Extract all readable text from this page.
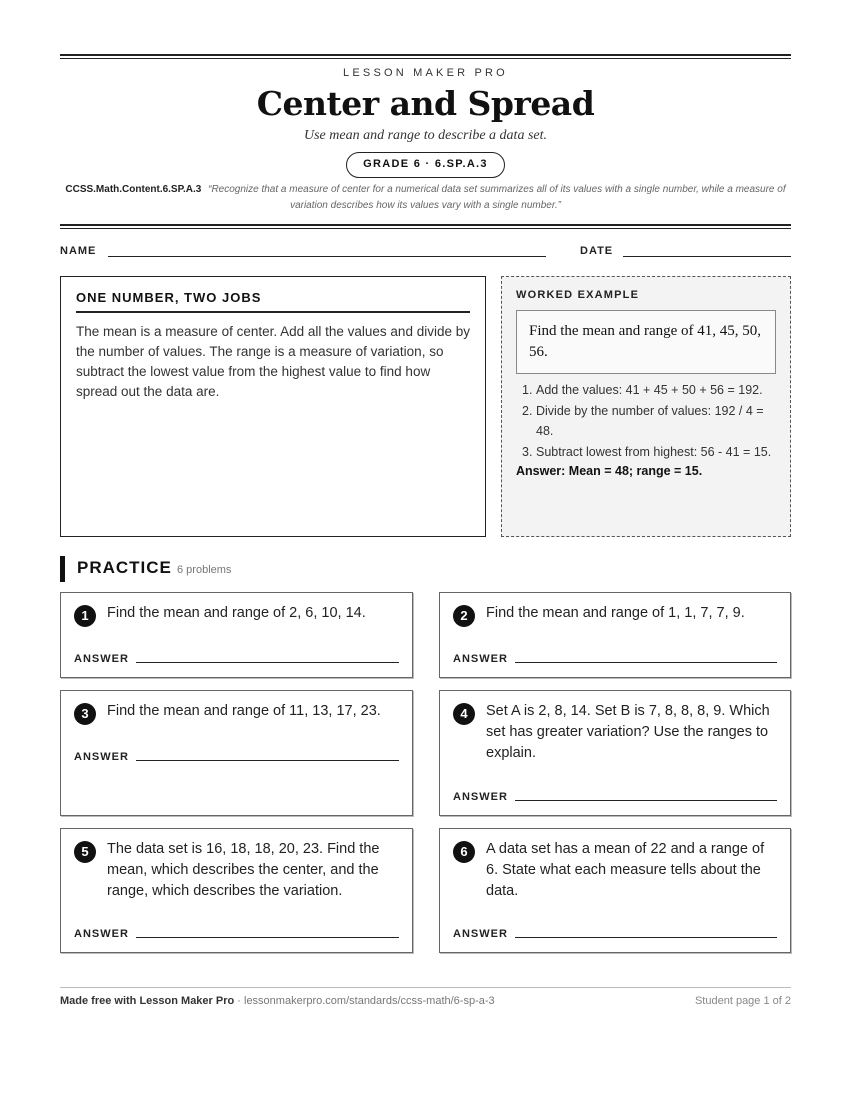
LESSON MAKER PRO
Center and Spread
Use mean and range to describe a data set.
GRADE 6 · 6.SP.A.3
CCSS.Math.Content.6.SP.A.3 “Recognize that a measure of center for a numerical data set summarizes all of its values with a single number, while a measure of variation describes how its values vary with a single number.”
NAME	DATE
ONE NUMBER, TWO JOBS
The mean is a measure of center. Add all the values and divide by the number of values. The range is a measure of variation, so subtract the lowest value from the highest value to find how spread out the data are.
WORKED EXAMPLE
Find the mean and range of 41, 45, 50, 56.
1. Add the values: 41 + 45 + 50 + 56 = 192.
2. Divide by the number of values: 192 / 4 = 48.
3. Subtract lowest from highest: 56 - 41 = 15.
Answer: Mean = 48; range = 15.
PRACTICE 6 problems
1	Find the mean and range of 2, 6, 10, 14.
ANSWER
2	Find the mean and range of 1, 1, 7, 7, 9.
ANSWER
3	Find the mean and range of 11, 13, 17, 23.
ANSWER
4	Set A is 2, 8, 14. Set B is 7, 8, 8, 8, 9. Which set has greater variation? Use the ranges to explain.
ANSWER
5	The data set is 16, 18, 18, 20, 23. Find the mean, which describes the center, and the range, which describes the variation.
ANSWER
6	A data set has a mean of 22 and a range of 6. State what each measure tells about the data.
ANSWER
Made free with Lesson Maker Pro · lessonmakerpro.com/standards/ccss-math/6-sp-a-3	Student page 1 of 2
